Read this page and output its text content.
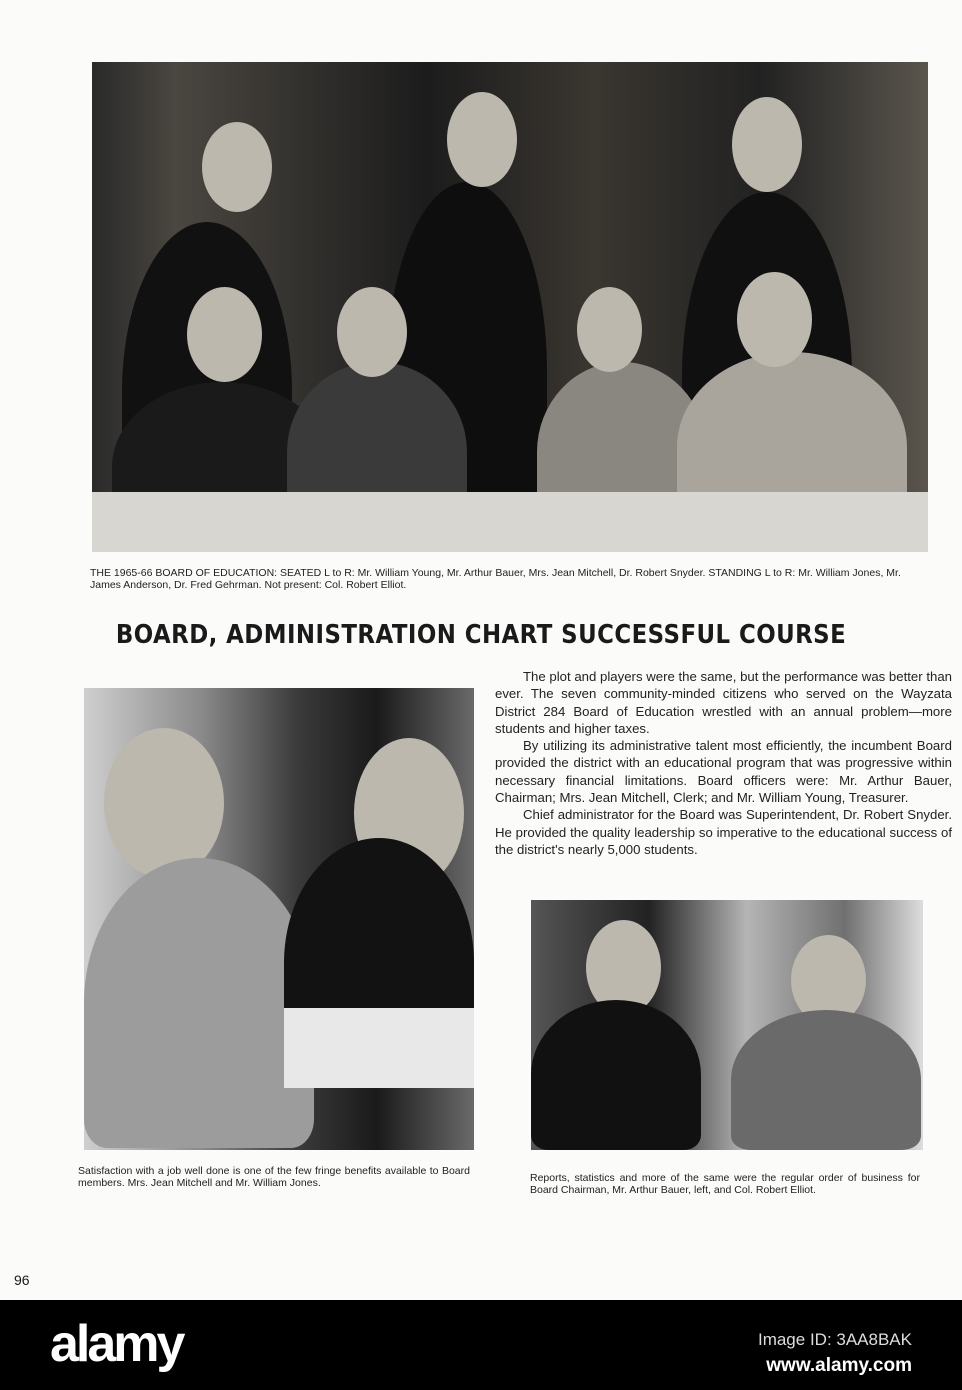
THE 1965-66 BOARD OF EDUCATION: SEATED L to R: Mr. William Young, Mr. Arthur Bauer, Mrs. Jean Mitchell, Dr. Robert Snyder. STANDING L to R: Mr. William Jones, Mr. James Anderson, Dr. Fred Gehrman. Not present: Col. Robert Elliot.
BOARD, ADMINISTRATION CHART SUCCESSFUL COURSE

The plot and players were the same, but the performance was better than ever. The seven community-minded citizens who served on the Wayzata District 284 Board of Education wrestled with an annual problem—more students and higher taxes.

By utilizing its administrative talent most efficiently, the incumbent Board provided the district with an educational program that was progressive within necessary financial limitations. Board officers were: Mr. Arthur Bauer, Chairman; Mrs. Jean Mitchell, Clerk; and Mr. William Young, Treasurer.

Chief administrator for the Board was Superintendent, Dr. Robert Snyder. He provided the quality leadership so imperative to the educational success of the district's nearly 5,000 students.

Satisfaction with a job well done is one of the few fringe benefits available to Board members. Mrs. Jean Mitchell and Mr. William Jones.	Reports, statistics and more of the same were the regular order of business for Board Chairman, Mr. Arthur Bauer, left, and Col. Robert Elliot.
96
alamy	Image ID: 3AA8BAK
www.alamy.com
